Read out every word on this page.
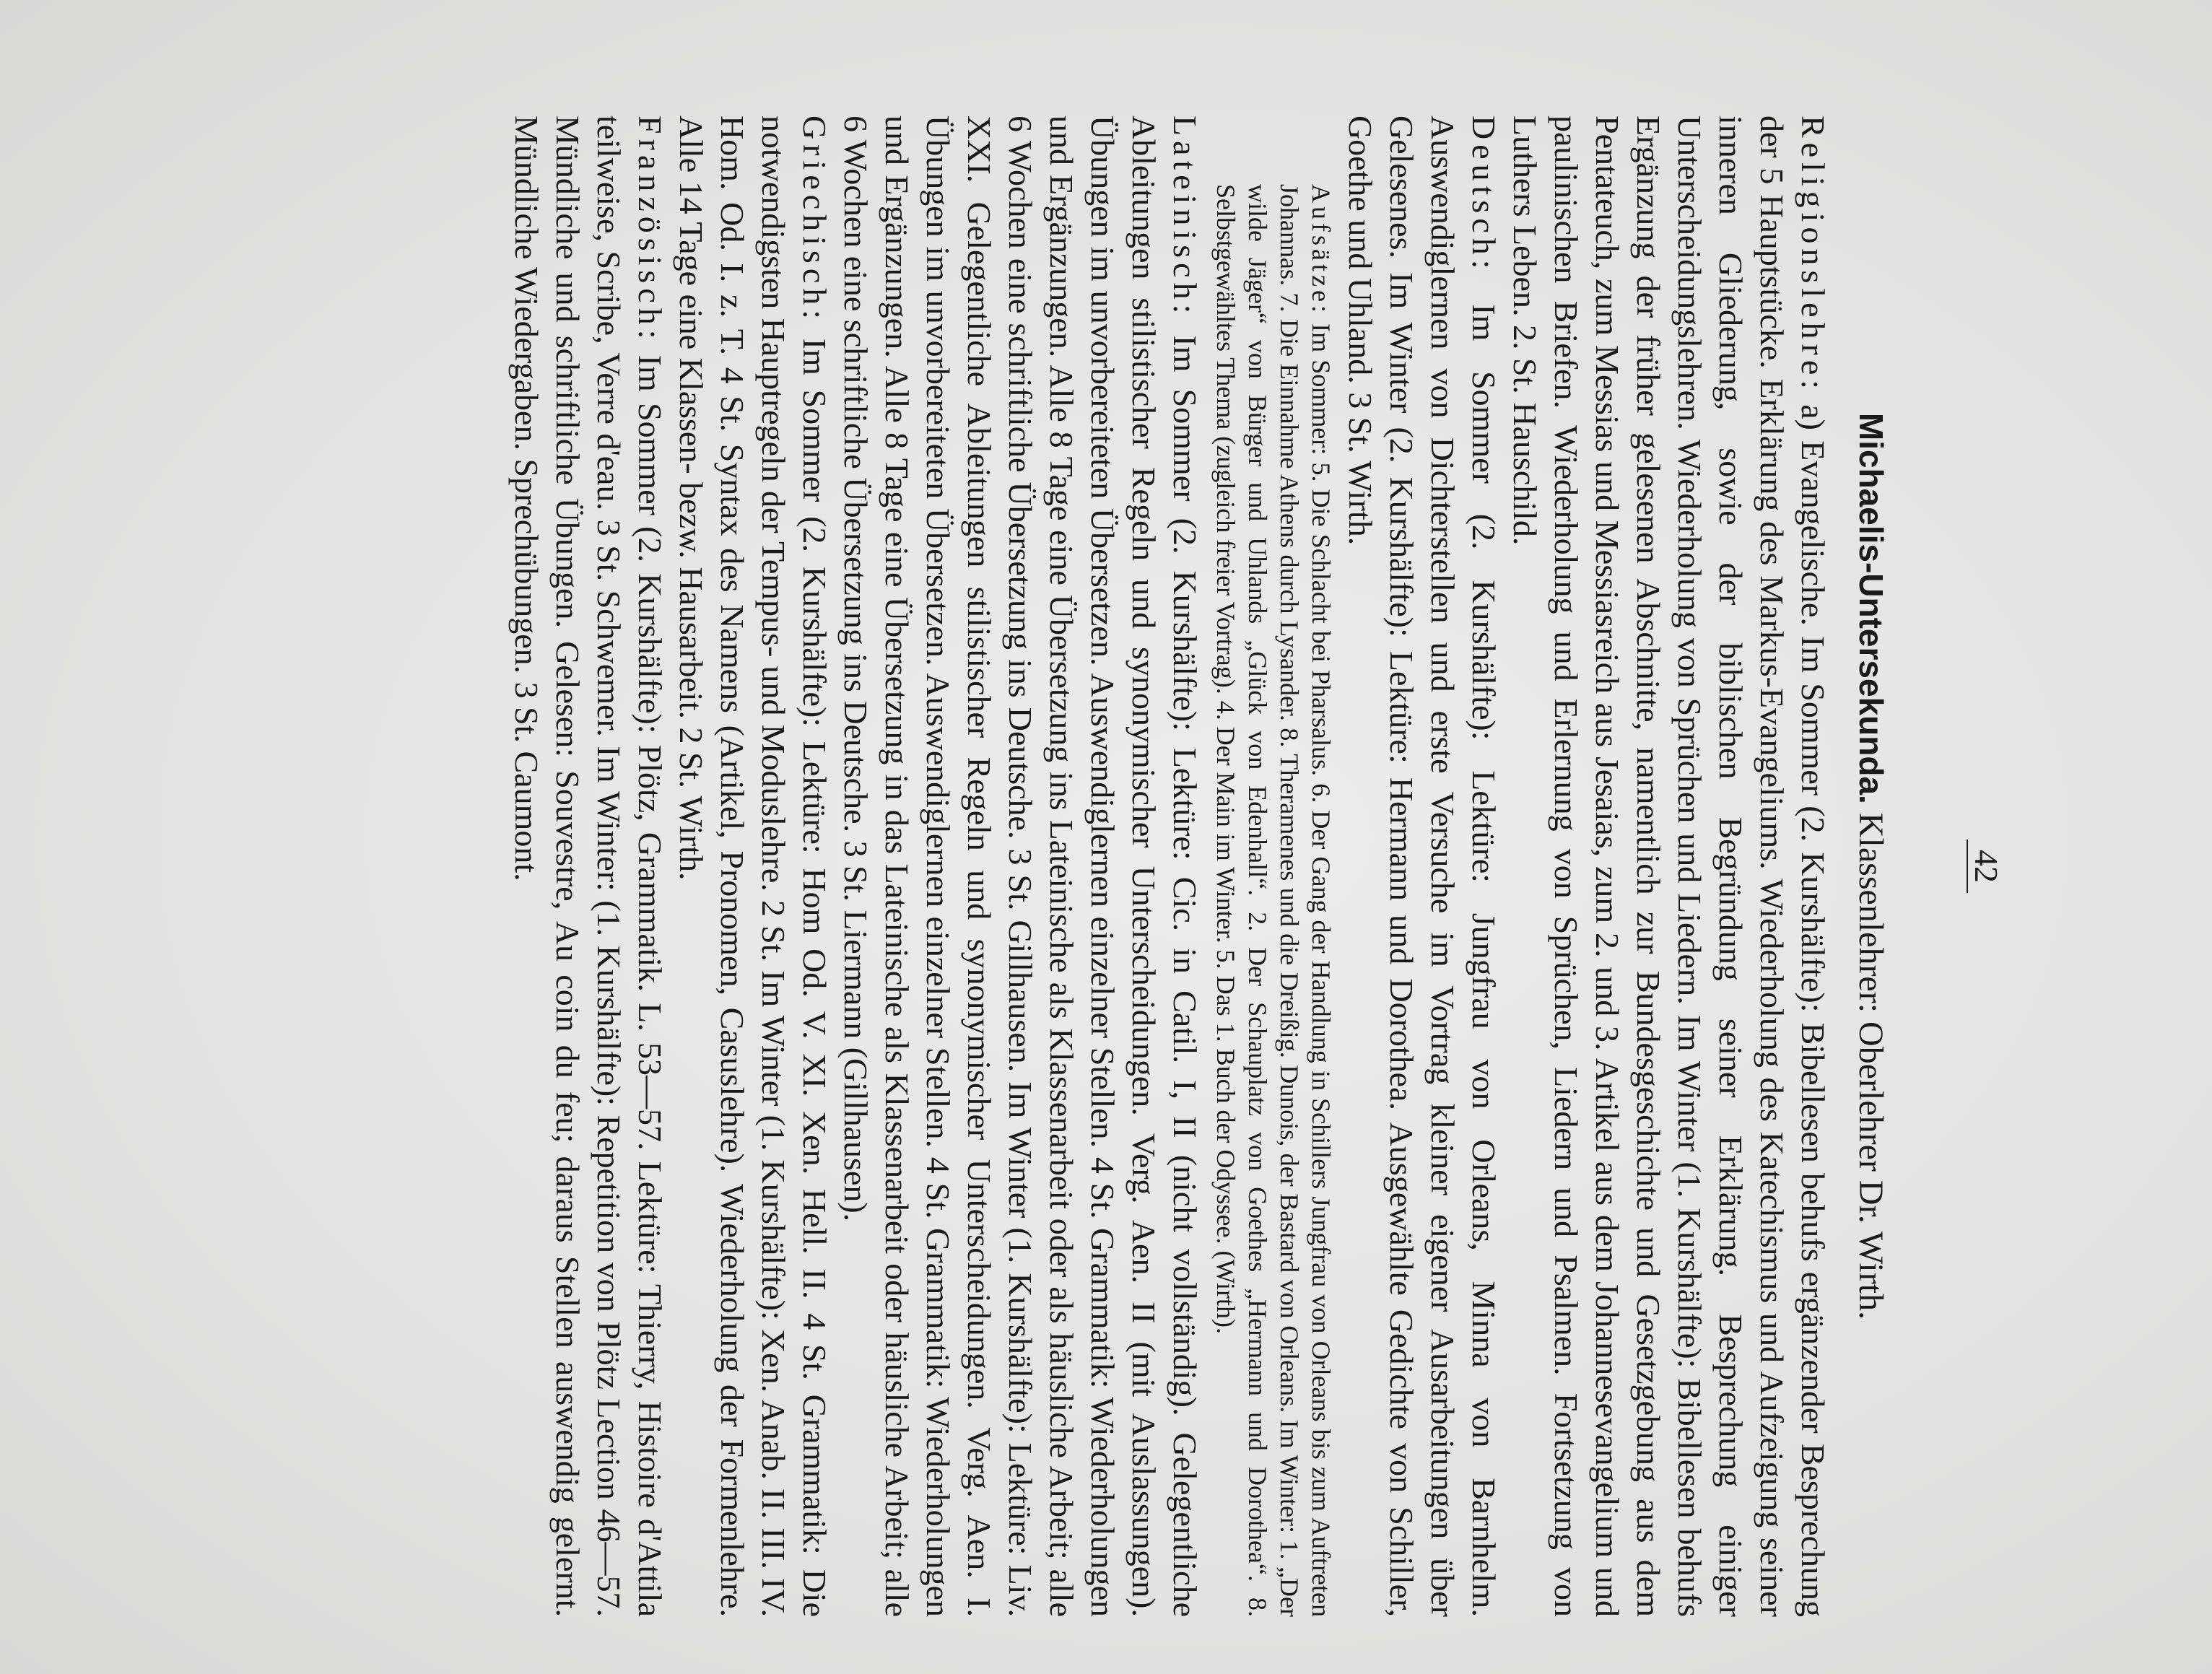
42
Michaelis-Untersekunda. Klassenlehrer: Oberlehrer Dr. Wirth.

Religionslehre: a) Evangelische. Im Sommer (2. Kurshälfte): Bibellesen behufs ergänzender Besprechung der 5 Hauptstücke. Erklärung des Markus-Evangeliums. Wiederholung des Katechismus und Aufzeigung seiner inneren Gliederung, sowie der biblischen Begründung seiner Erklärung. Besprechung einiger Unterscheidungslehren. Wiederholung von Sprüchen und Liedern. Im Winter (1. Kurshälfte): Bibellesen behufs Ergänzung der früher gelesenen Abschnitte, namentlich zur Bundesgeschichte und Gesetzgebung aus dem Pentateuch, zum Messias und Messiasreich aus Jesaias, zum 2. und 3. Artikel aus dem Johannesevangelium und paulinischen Briefen. Wiederholung und Erlernung von Sprüchen, Liedern und Psalmen. Fortsetzung von Luthers Leben. 2. St. Hauschild.

Deutsch: Im Sommer (2. Kurshälfte): Lektüre: Jungfrau von Orleans, Minna von Barnhelm. Auswendiglernen von Dichterstellen und erste Versuche im Vortrag kleiner eigener Ausarbeitungen über Gelesenes. Im Winter (2. Kurshälfte): Lektüre: Hermann und Dorothea. Ausgewählte Gedichte von Schiller, Goethe und Uhland. 3 St. Wirth.

Aufsätze: Im Sommer: 5. Die Schlacht bei Pharsalus. 6. Der Gang der Handlung in Schillers Jungfrau von Orleans bis zum Auftreten Johannas. 7. Die Einnahme Athens durch Lysander. 8. Theramenes und die Dreißig. Dunois, der Bastard von Orleans. Im Winter: 1. „Der wilde Jäger“ von Bürger und Uhlands „Glück von Edenhall“. 2. Der Schauplatz von Goethes „Hermann und Dorothea“. 8. Selbstgewähltes Thema (zugleich freier Vortrag). 4. Der Main im Winter. 5. Das 1. Buch der Odyssee. (Wirth).

Lateinisch: Im Sommer (2. Kurshälfte): Lektüre: Cic. in Catil. I, II (nicht vollständig). Gelegentliche Ableitungen stilistischer Regeln und synonymischer Unterscheidungen. Verg. Aen. II (mit Auslassungen). Übungen im unvorbereiteten Übersetzen. Auswendiglernen einzelner Stellen. 4 St. Grammatik: Wiederholungen und Ergänzungen. Alle 8 Tage eine Übersetzung ins Lateinische als Klassenarbeit oder als häusliche Arbeit; alle 6 Wochen eine schriftliche Übersetzung ins Deutsche. 3 St. Gillhausen. Im Winter (1. Kurshälfte): Lektüre: Liv. XXI. Gelegentliche Ableitungen stilistischer Regeln und synonymischer Unterscheidungen. Verg. Aen. I. Übungen im unvorbereiteten Übersetzen. Auswendiglernen einzelner Stellen. 4 St. Grammatik: Wiederholungen und Ergänzungen. Alle 8 Tage eine Übersetzung in das Lateinische als Klassenarbeit oder häusliche Arbeit; alle 6 Wochen eine schriftliche Übersetzung ins Deutsche. 3 St. Liermann (Gillhausen).

Griechisch: Im Sommer (2. Kurshälfte): Lektüre: Hom Od. V. XI. Xen. Hell. II. 4 St. Grammatik: Die notwendigsten Hauptregeln der Tempus- und Moduslehre. 2 St. Im Winter (1. Kurshälfte): Xen. Anab. II. III. IV. Hom. Od. I. z. T. 4 St. Syntax des Namens (Artikel, Pronomen, Casuslehre). Wiederholung der Formenlehre. Alle 14 Tage eine Klassen- bezw. Hausarbeit. 2 St. Wirth.

Französisch: Im Sommer (2. Kurshälfte): Plötz, Grammatik. L. 53—57. Lektüre: Thierry, Histoire d'Attila teilweise, Scribe, Verre d'eau. 3 St. Schwemer. Im Winter: (1. Kurshälfte): Repetition von Plötz Lection 46—57. Mündliche und schriftliche Übungen. Gelesen: Souvestre, Au coin du feu; daraus Stellen auswendig gelernt. Mündliche Wiedergaben. Sprechübungen. 3 St. Caumont.
